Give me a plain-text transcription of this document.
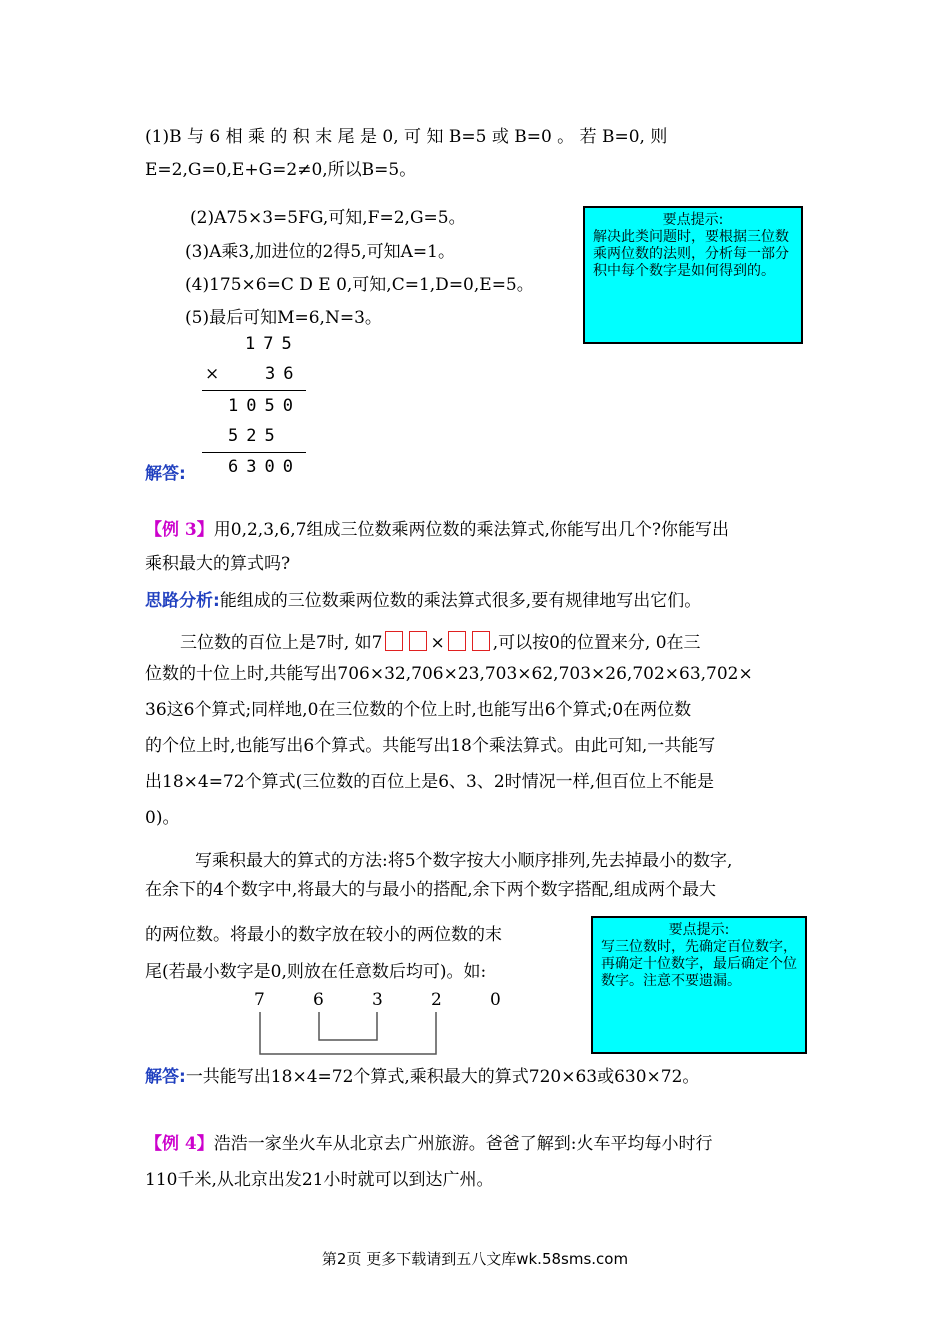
(1)B 与 6 相 乘 的 积 末 尾 是 0, 可 知 B=5 或 B=0 。 若 B=0, 则
E=2,G=0,E+G=2≠0,所以B=5。
(2)A75×3=5FG,可知,F=2,G=5。
(3)A乘3,加进位的2得5,可知A=1。
(4)175×6=C D E 0,可知,C=1,D=0,E=5。
(5)最后可知M=6,N=3。
要点提示:
解决此类问题时，要根据三位数乘两位数的法则，分析每一部分积中每个数字是如何得到的。
175
×	36
1050
525
解答: 6300
【例 3】用0,2,3,6,7组成三位数乘两位数的乘法算式,你能写出几个?你能写出
乘积最大的算式吗?
思路分析:能组成的三位数乘两位数的乘法算式很多,要有规律地写出它们。
三位数的百位上是7时, 如7	×	,可以按0的位置来分, 0在三
位数的十位上时,共能写出706×32,706×23,703×62,703×26,702×63,702×
36这6个算式;同样地,0在三位数的个位上时,也能写出6个算式;0在两位数
的个位上时,也能写出6个算式。共能写出18个乘法算式。由此可知,一共能写
出18×4=72个算式(三位数的百位上是6、3、2时情况一样,但百位上不能是
0)。
写乘积最大的算式的方法:将5个数字按大小顺序排列,先去掉最小的数字,
在余下的4个数字中,将最大的与最小的搭配,余下两个数字搭配,组成两个最大
的两位数。将最小的数字放在较小的两位数的末
尾(若最小数字是0,则放在任意数后均可)。如:
要点提示:
写三位数时，先确定百位数字，再确定十位数字，最后确定个位数字。注意不要遗漏。
7	6	3	2	0
解答:一共能写出18×4=72个算式,乘积最大的算式720×63或630×72。
【例 4】浩浩一家坐火车从北京去广州旅游。爸爸了解到:火车平均每小时行
110千米,从北京出发21小时就可以到达广州。
第2页 更多下载请到五八文库wk.58sms.com
